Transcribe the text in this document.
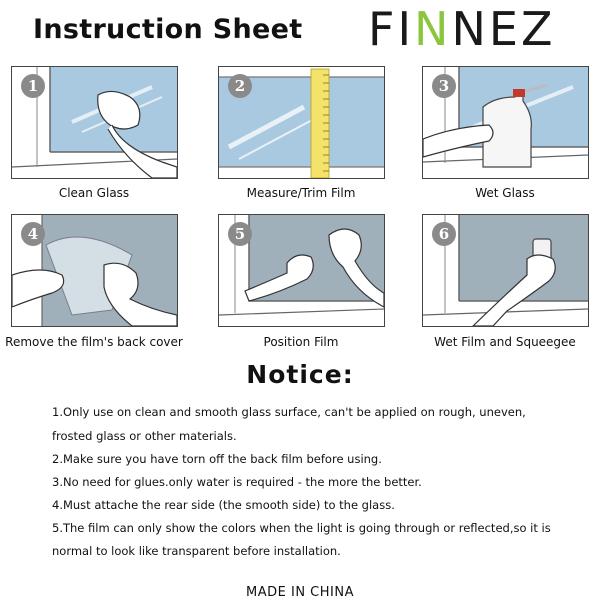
Instruction Sheet FINNEZ
1
Clean Glass
2
Measure/Trim Film
3
Wet Glass
4
Remove the film's back cover
5
Position Film
6
Wet Film and Squeegee
Notice:
1.Only use on clean and smooth glass surface, can't be applied on rough, uneven,
frosted glass or other materials.
2.Make sure you have torn off the back film before using.
3.No need for glues.only water is required - the more the better.
4.Must attache the rear side (the smooth side) to the glass.
5.The film can only show the colors when the light is going through or reflected,so it is
normal to look like transparent before installation.
MADE IN CHINA
